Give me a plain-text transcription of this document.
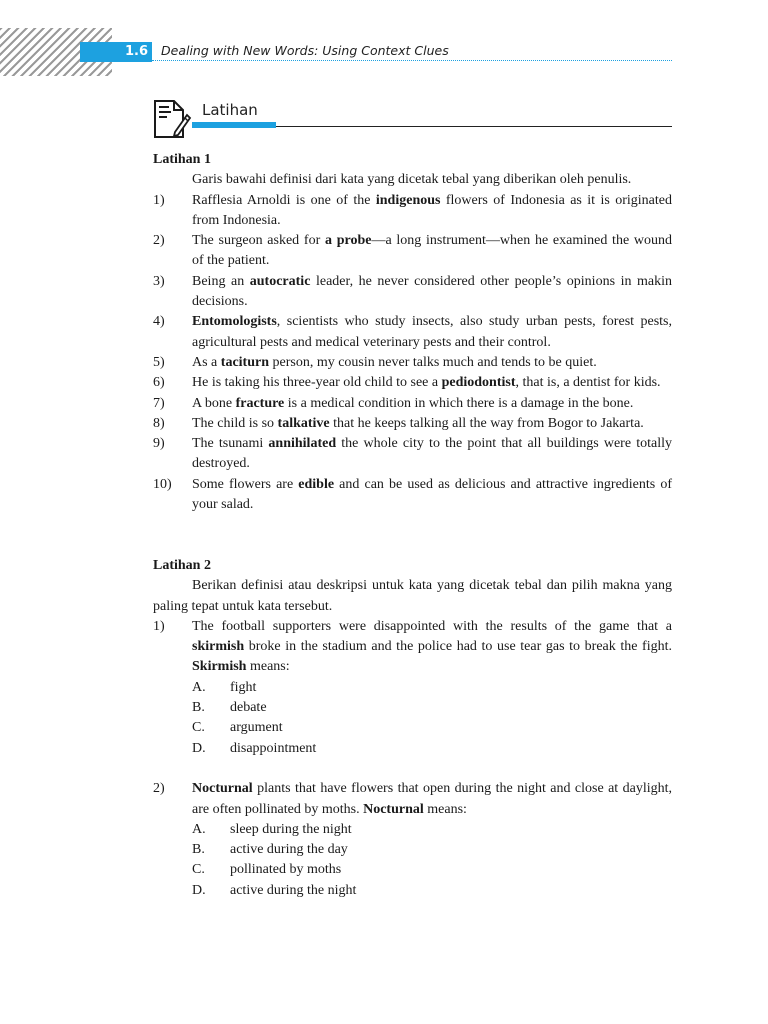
1.6	Dealing with New Words: Using Context Clues
Latihan
Latihan 1
Garis bawahi definisi dari kata yang dicetak tebal yang diberikan oleh penulis.
1) Rafflesia Arnoldi is one of the indigenous flowers of Indonesia as it is originated from Indonesia.
2) The surgeon asked for a probe—a long instrument—when he examined the wound of the patient.
3) Being an autocratic leader, he never considered other people’s opinions in makin decisions.
4) Entomologists, scientists who study insects, also study urban pests, forest pests, agricultural pests and medical veterinary pests and their control.
5) As a taciturn person, my cousin never talks much and tends to be quiet.
6) He is taking his three-year old child to see a pediodontist, that is, a dentist for kids.
7) A bone fracture is a medical condition in which there is a damage in the bone.
8) The child is so talkative that he keeps talking all the way from Bogor to Jakarta.
9) The tsunami annihilated the whole city to the point that all buildings were totally destroyed.
10) Some flowers are edible and can be used as delicious and attractive ingredients of your salad.
Latihan 2
Berikan definisi atau deskripsi untuk kata yang dicetak tebal dan pilih makna yang paling tepat untuk kata tersebut.
1) The football supporters were disappointed with the results of the game that a skirmish broke in the stadium and the police had to use tear gas to break the fight. Skirmish means:
A. fight
B. debate
C. argument
D. disappointment
2) Nocturnal plants that have flowers that open during the night and close at daylight, are often pollinated by moths. Nocturnal means:
A. sleep during the night
B. active during the day
C. pollinated by moths
D. active during the night
